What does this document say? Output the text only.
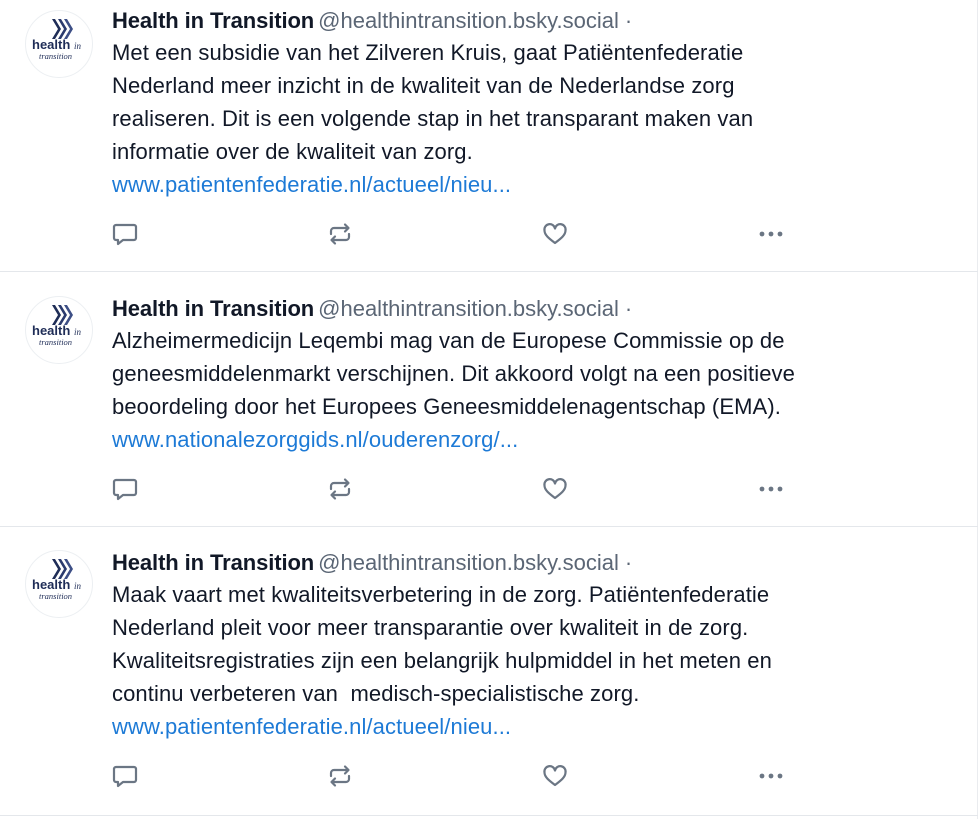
health in
transition
Health in Transition @healthintransition.bsky.social ·
Met een subsidie van het Zilveren Kruis, gaat Patiëntenfederatie
Nederland meer inzicht in de kwaliteit van de Nederlandse zorg
realiseren. Dit is een volgende stap in het transparant maken van
informatie over de kwaliteit van zorg.
www.patientenfederatie.nl/actueel/nieu...
health in
transition
Health in Transition @healthintransition.bsky.social ·
Alzheimermedicijn Leqembi mag van de Europese Commissie op de
geneesmiddelenmarkt verschijnen. Dit akkoord volgt na een positieve
beoordeling door het Europees Geneesmiddelenagentschap (EMA).
www.nationalezorggids.nl/ouderenzorg/...
health in
transition
Health in Transition @healthintransition.bsky.social ·
Maak vaart met kwaliteitsverbetering in de zorg. Patiëntenfederatie
Nederland pleit voor meer transparantie over kwaliteit in de zorg.
Kwaliteitsregistraties zijn een belangrijk hulpmiddel in het meten en
continu verbeteren van  medisch-specialistische zorg.
www.patientenfederatie.nl/actueel/nieu...
